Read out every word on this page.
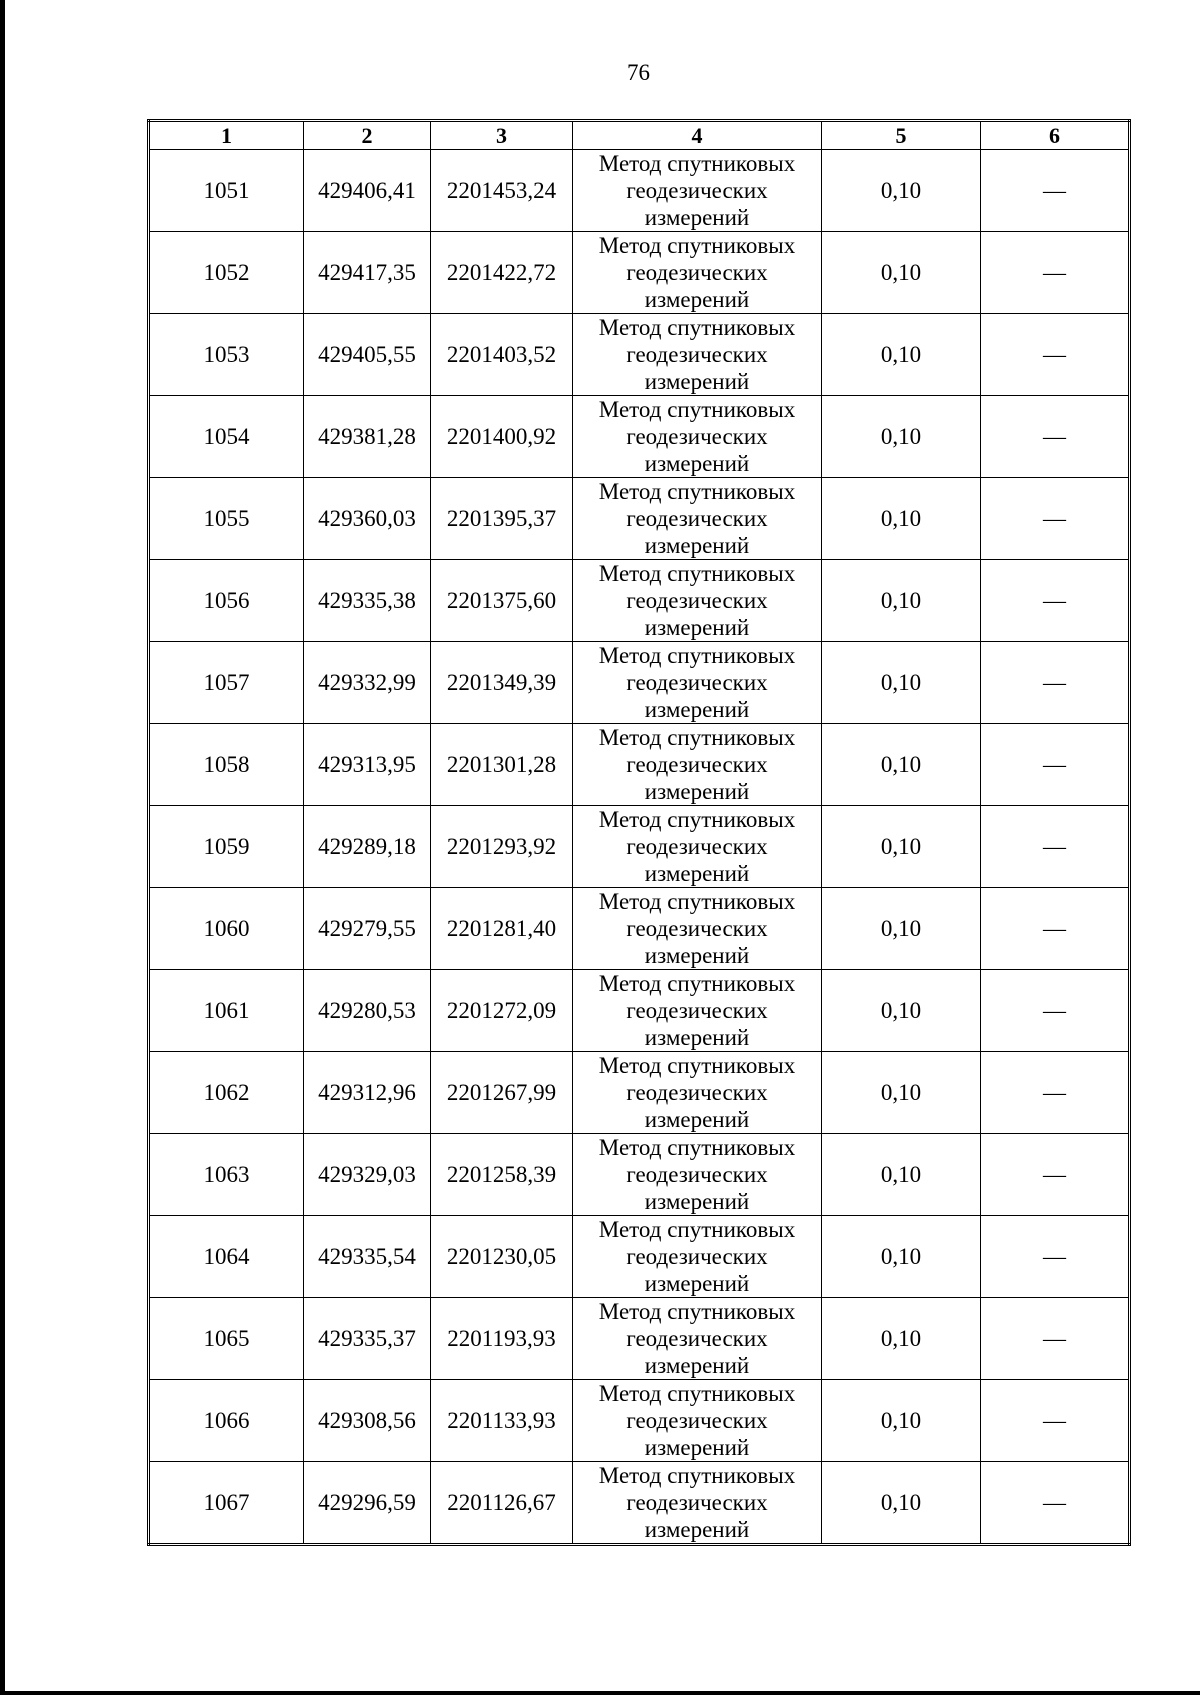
76
1	2	3	4	5	6
1051	429406,41	2201453,24	Метод спутниковых геодезических измерений	0,10	—
1052	429417,35	2201422,72	Метод спутниковых геодезических измерений	0,10	—
1053	429405,55	2201403,52	Метод спутниковых геодезических измерений	0,10	—
1054	429381,28	2201400,92	Метод спутниковых геодезических измерений	0,10	—
1055	429360,03	2201395,37	Метод спутниковых геодезических измерений	0,10	—
1056	429335,38	2201375,60	Метод спутниковых геодезических измерений	0,10	—
1057	429332,99	2201349,39	Метод спутниковых геодезических измерений	0,10	—
1058	429313,95	2201301,28	Метод спутниковых геодезических измерений	0,10	—
1059	429289,18	2201293,92	Метод спутниковых геодезических измерений	0,10	—
1060	429279,55	2201281,40	Метод спутниковых геодезических измерений	0,10	—
1061	429280,53	2201272,09	Метод спутниковых геодезических измерений	0,10	—
1062	429312,96	2201267,99	Метод спутниковых геодезических измерений	0,10	—
1063	429329,03	2201258,39	Метод спутниковых геодезических измерений	0,10	—
1064	429335,54	2201230,05	Метод спутниковых геодезических измерений	0,10	—
1065	429335,37	2201193,93	Метод спутниковых геодезических измерений	0,10	—
1066	429308,56	2201133,93	Метод спутниковых геодезических измерений	0,10	—
1067	429296,59	2201126,67	Метод спутниковых геодезических измерений	0,10	—
